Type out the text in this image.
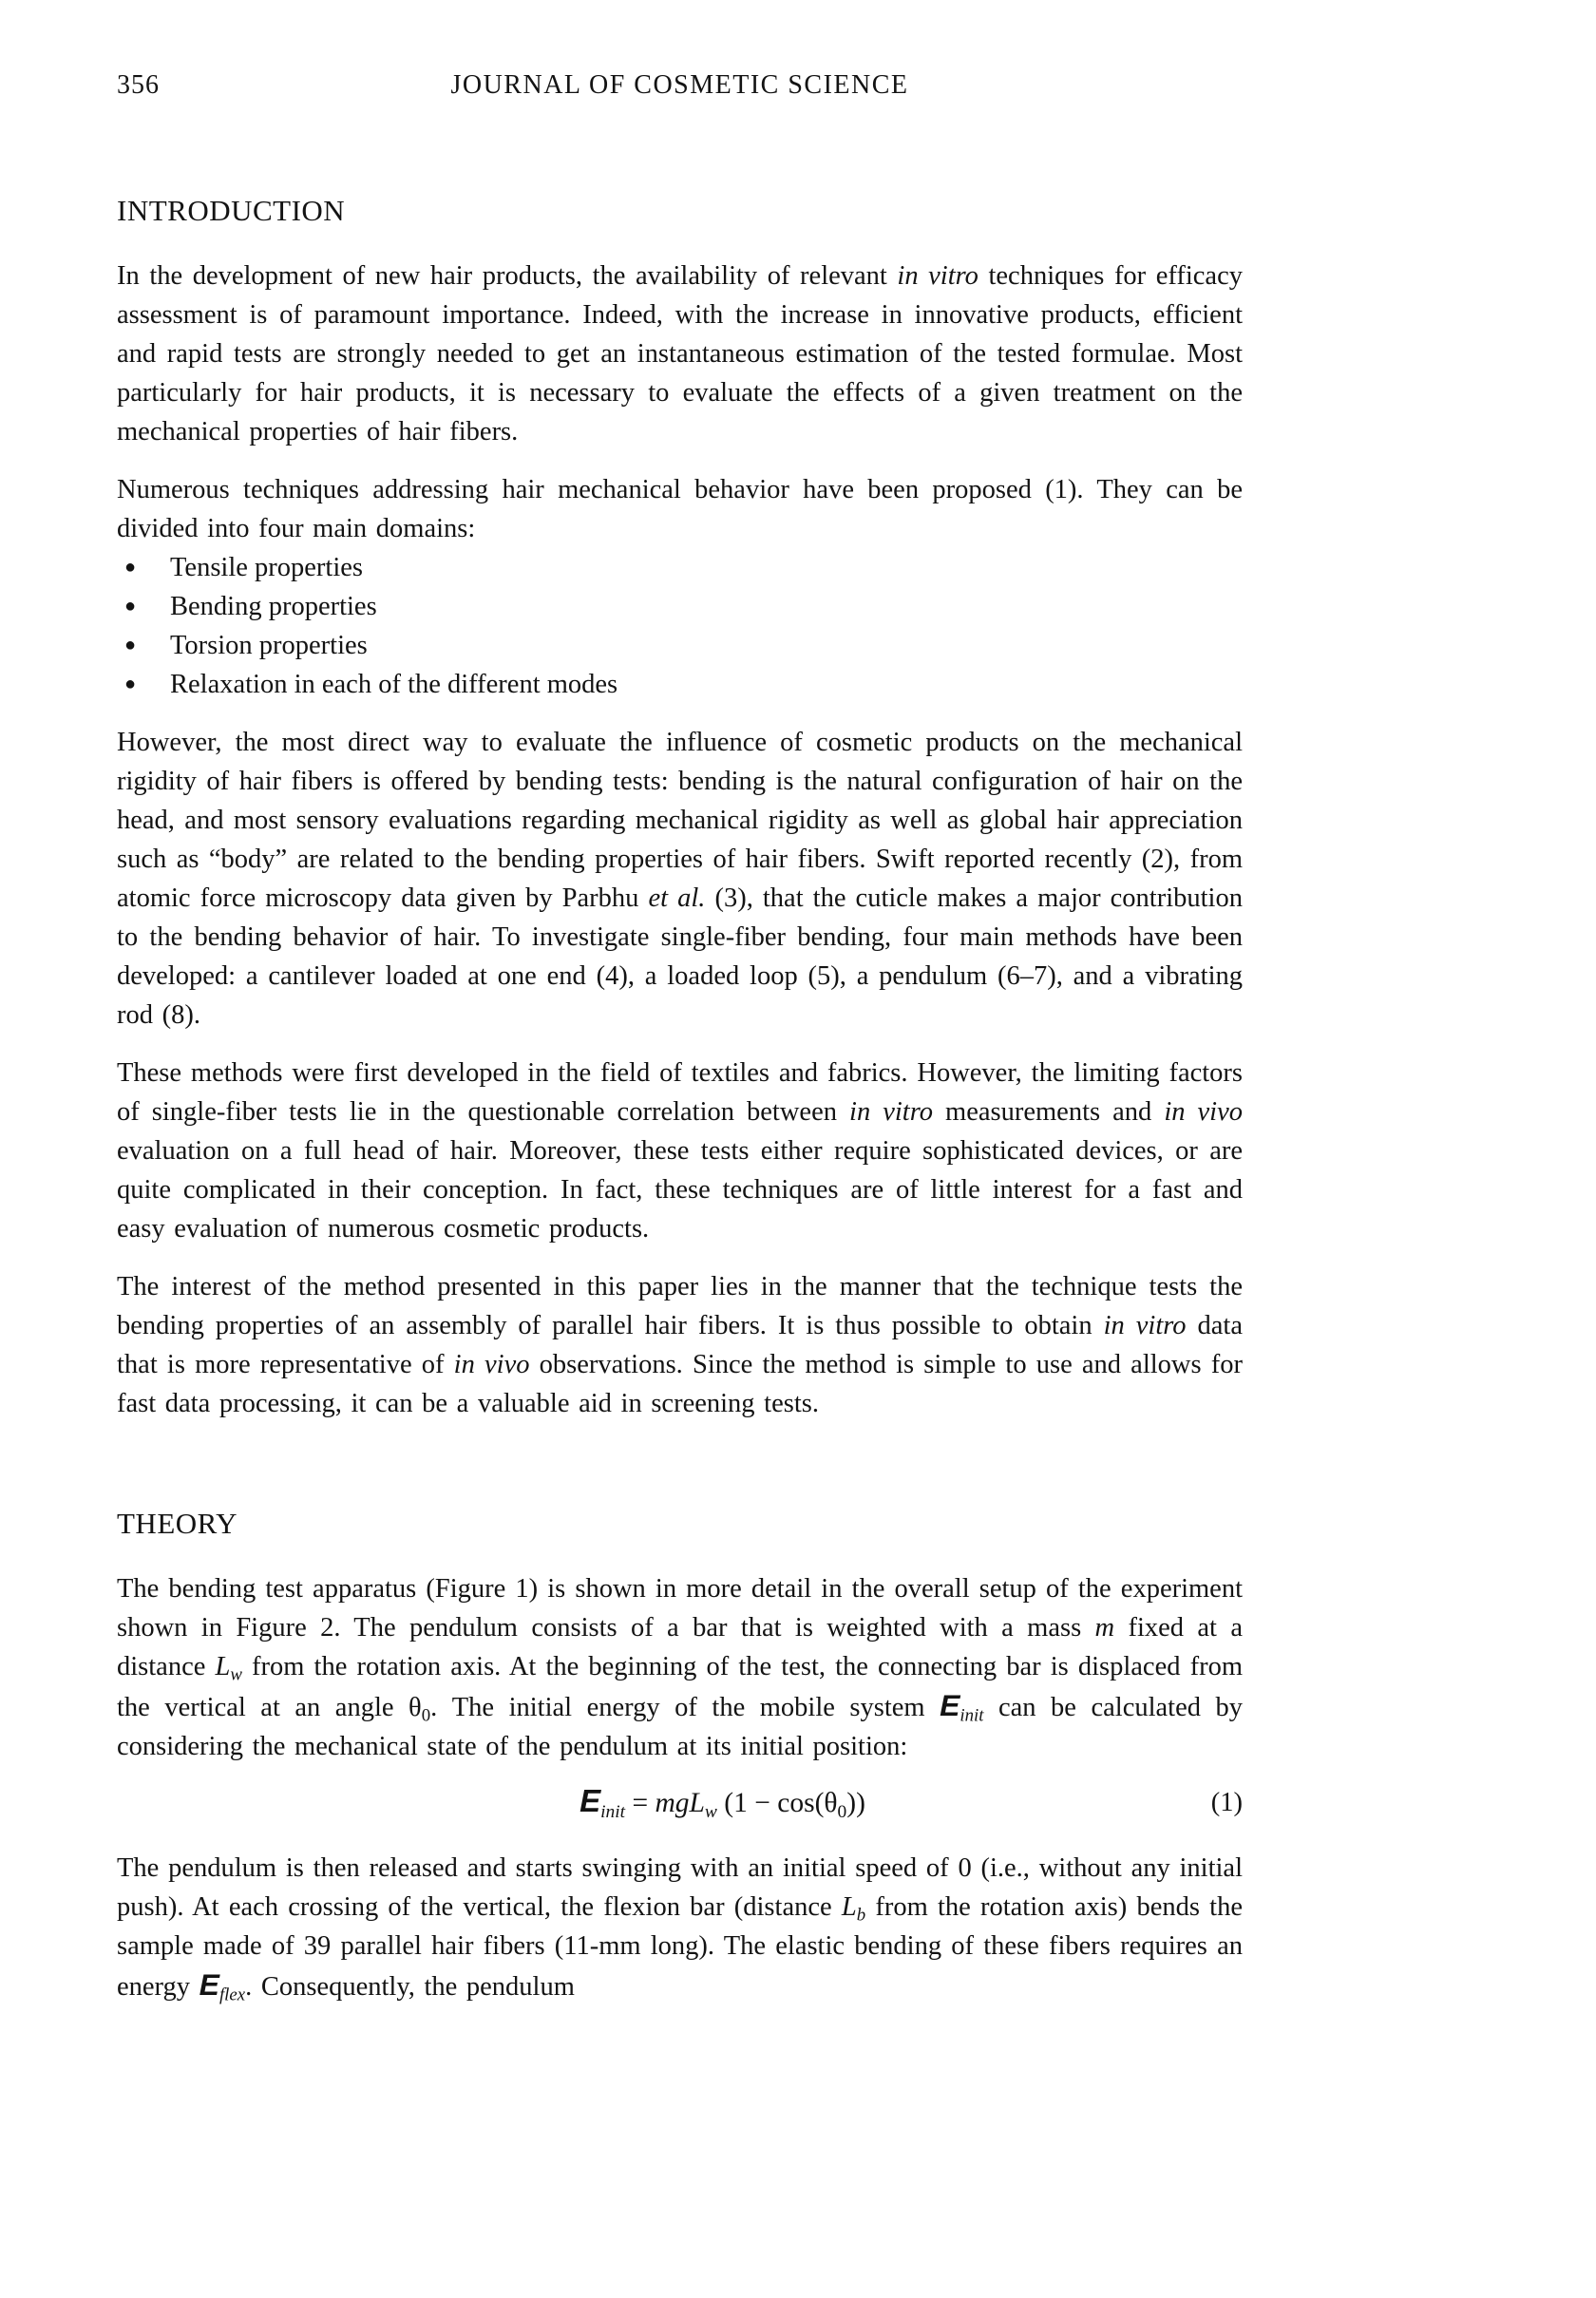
356	JOURNAL OF COSMETIC SCIENCE
INTRODUCTION

In the development of new hair products, the availability of relevant in vitro techniques for efficacy assessment is of paramount importance. Indeed, with the increase in innovative products, efficient and rapid tests are strongly needed to get an instantaneous estimation of the tested formulae. Most particularly for hair products, it is necessary to evaluate the effects of a given treatment on the mechanical properties of hair fibers.

Numerous techniques addressing hair mechanical behavior have been proposed (1). They can be divided into four main domains:

●	Tensile properties
●	Bending properties
●	Torsion properties
●	Relaxation in each of the different modes

However, the most direct way to evaluate the influence of cosmetic products on the mechanical rigidity of hair fibers is offered by bending tests: bending is the natural configuration of hair on the head, and most sensory evaluations regarding mechanical rigidity as well as global hair appreciation such as “body” are related to the bending properties of hair fibers. Swift reported recently (2), from atomic force microscopy data given by Parbhu et al. (3), that the cuticle makes a major contribution to the bending behavior of hair. To investigate single-fiber bending, four main methods have been developed: a cantilever loaded at one end (4), a loaded loop (5), a pendulum (6–7), and a vibrating rod (8).

These methods were first developed in the field of textiles and fabrics. However, the limiting factors of single-fiber tests lie in the questionable correlation between in vitro measurements and in vivo evaluation on a full head of hair. Moreover, these tests either require sophisticated devices, or are quite complicated in their conception. In fact, these techniques are of little interest for a fast and easy evaluation of numerous cosmetic products.

The interest of the method presented in this paper lies in the manner that the technique tests the bending properties of an assembly of parallel hair fibers. It is thus possible to obtain in vitro data that is more representative of in vivo observations. Since the method is simple to use and allows for fast data processing, it can be a valuable aid in screening tests.

THEORY

The bending test apparatus (Figure 1) is shown in more detail in the overall setup of the experiment shown in Figure 2. The pendulum consists of a bar that is weighted with a mass m fixed at a distance $L_w$ from the rotation axis. At the beginning of the test, the connecting bar is displaced from the vertical at an angle $\theta_0$. The initial energy of the mobile system $E_{init}$ can be calculated by considering the mechanical state of the pendulum at its initial position:

$E_{init} = mgL_w$ $(1 - \cos(\theta_0))$	(1)

The pendulum is then released and starts swinging with an initial speed of 0 (i.e., without any initial push). At each crossing of the vertical, the flexion bar (distance $L_b$ from the rotation axis) bends the sample made of 39 parallel hair fibers (11-mm long). The elastic bending of these fibers requires an energy $E_{flex}$. Consequently, the pendulum
